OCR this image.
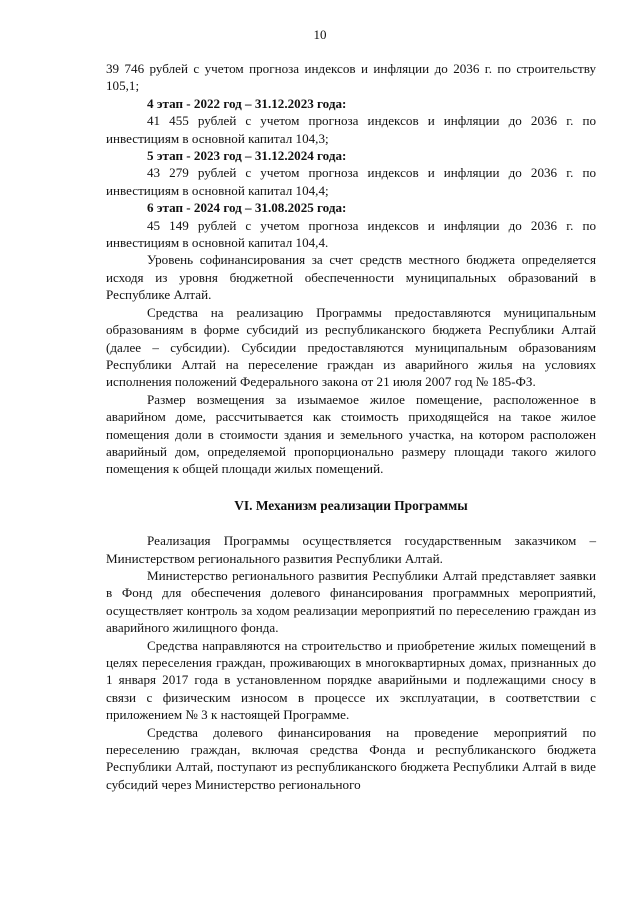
10

39 746 рублей с учетом прогноза индексов и инфляции до 2036 г. по строительству 105,1;

4 этап - 2022 год – 31.12.2023 года:

41 455 рублей с учетом прогноза индексов и инфляции до 2036 г. по инвестициям в основной капитал 104,3;

5 этап - 2023 год – 31.12.2024 года:

43 279 рублей с учетом прогноза индексов и инфляции до 2036 г. по инвестициям в основной капитал 104,4;

6 этап - 2024 год – 31.08.2025 года:

45 149 рублей с учетом прогноза индексов и инфляции до 2036 г. по инвестициям в основной капитал 104,4.

Уровень софинансирования за счет средств местного бюджета определяется исходя из уровня бюджетной обеспеченности муниципальных образований в Республике Алтай.

Средства на реализацию Программы предоставляются муниципальным образованиям в форме субсидий из республиканского бюджета Республики Алтай (далее – субсидии). Субсидии предоставляются муниципальным образованиям Республики Алтай на переселение граждан из аварийного жилья на условиях исполнения положений Федерального закона от 21 июля 2007 год № 185-ФЗ.

Размер возмещения за изымаемое жилое помещение, расположенное в аварийном доме, рассчитывается как стоимость приходящейся на такое жилое помещения доли в стоимости здания и земельного участка, на котором расположен аварийный дом, определяемой пропорционально размеру площади такого жилого помещения к общей площади жилых помещений.

VI. Механизм реализации Программы

Реализация Программы осуществляется государственным заказчиком – Министерством регионального развития Республики Алтай.

Министерство регионального развития Республики Алтай представляет заявки в Фонд для обеспечения долевого финансирования программных мероприятий, осуществляет контроль за ходом реализации мероприятий по переселению граждан из аварийного жилищного фонда.

Средства направляются на строительство и приобретение жилых помещений в целях переселения граждан, проживающих в многоквартирных домах, признанных до 1 января 2017 года в установленном порядке аварийными и подлежащими сносу в связи с физическим износом в процессе их эксплуатации, в соответствии с приложением № 3 к настоящей Программе.

Средства долевого финансирования на проведение мероприятий по переселению граждан, включая средства Фонда и республиканского бюджета Республики Алтай, поступают из республиканского бюджета Республики Алтай в виде субсидий через Министерство регионального
